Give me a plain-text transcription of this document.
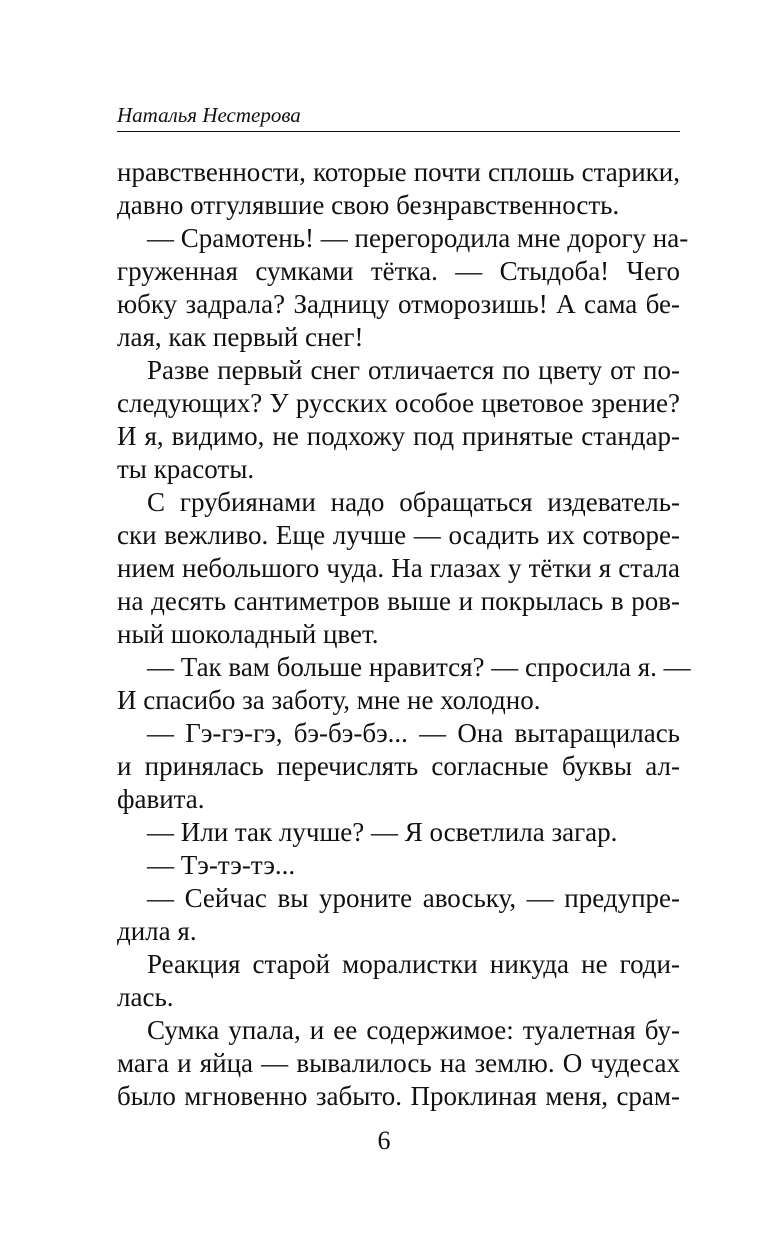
Наталья Нестерова
нравственности, которые почти сплошь старики,
давно отгулявшие свою безнравственность.
— Срамотень! — перегородила мне дорогу на-
груженная сумками тётка. — Стыдоба! Чего
юбку задрала? Задницу отморозишь! А сама бе-
лая, как первый снег!
Разве первый снег отличается по цвету от по-
следующих? У русских особое цветовое зрение?
И я, видимо, не подхожу под принятые стандар-
ты красоты.
С грубиянами надо обращаться издеватель-
ски вежливо. Еще лучше — осадить их сотворе-
нием небольшого чуда. На глазах у тётки я стала
на десять сантиметров выше и покрылась в ров-
ный шоколадный цвет.
— Так вам больше нравится? — спросила я. —
И спасибо за заботу, мне не холодно.
— Гэ-гэ-гэ, бэ-бэ-бэ... — Она вытаращилась
и принялась перечислять согласные буквы ал-
фавита.
— Или так лучше? — Я осветлила загар.
— Тэ-тэ-тэ...
— Сейчас вы уроните авоську, — предупре-
дила я.
Реакция старой моралистки никуда не годи-
лась.
Сумка упала, и ее содержимое: туалетная бу-
мага и яйца — вывалилось на землю. О чудесах
было мгновенно забыто. Проклиная меня, срам-
6
